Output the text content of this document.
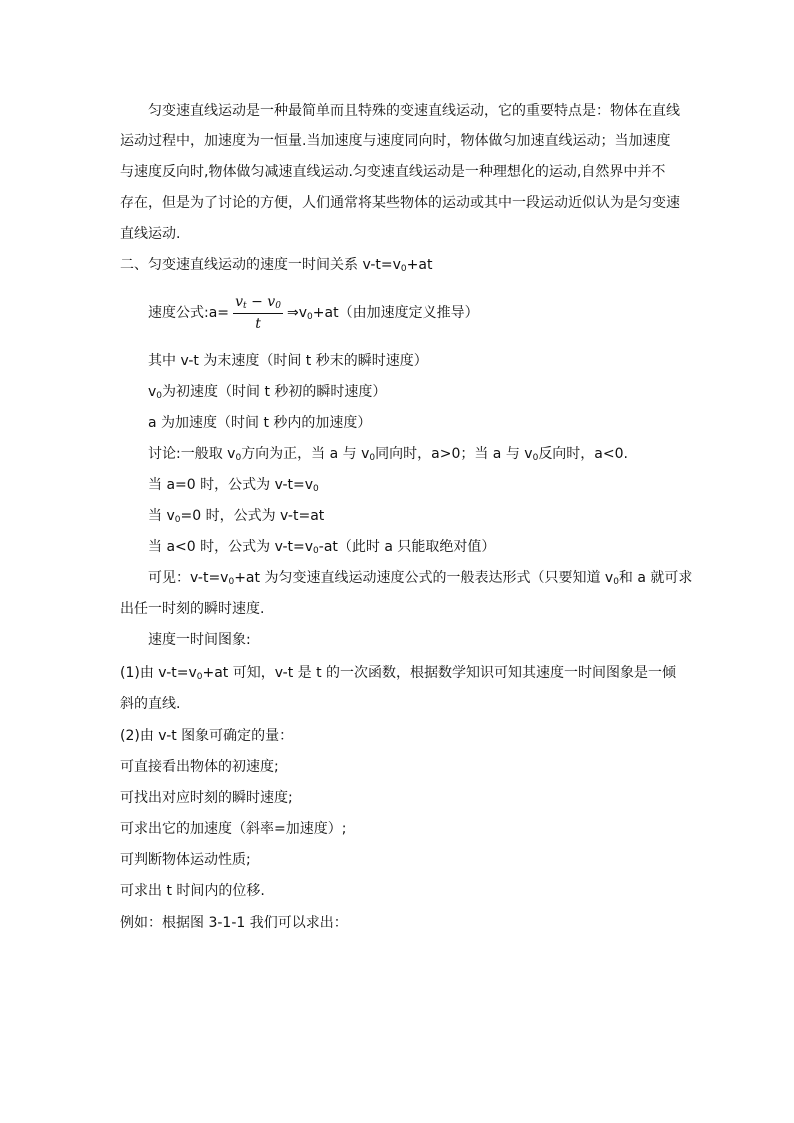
匀变速直线运动是一种最简单而且特殊的变速直线运动，它的重要特点是：物体在直线
运动过程中，加速度为一恒量.当加速度与速度同向时，物体做匀加速直线运动；当加速度
与速度反向时,物体做匀减速直线运动.匀变速直线运动是一种理想化的运动,自然界中并不
存在，但是为了讨论的方便，人们通常将某些物体的运动或其中一段运动近似认为是匀变速
直线运动.
二、匀变速直线运动的速度一时间关系 $v-t=v_0+at$
速度公式:a= $\frac{v_t - v_0}{t}$ $\Rightarrow v_0+at$（由加速度定义推导）
其中 v-t 为末速度（时间 t 秒末的瞬时速度）
$v_0$为初速度（时间 t 秒初的瞬时速度）
a 为加速度（时间 t 秒内的加速度）
讨论:一般取 $v_0$方向为正，当 a 与 $v_0$同向时，a>0；当 a 与 $v_0$反向时，a<0.
当 a=0 时，公式为 $v-t=v_0$
当 $v_0=0$ 时，公式为 v-t=at
当 a<0 时，公式为 $v-t=v_0-at$（此时 a 只能取绝对值）
可见：$v-t=v_0+at$ 为匀变速直线运动速度公式的一般表达形式（只要知道 $v_0$和 a 就可求
出任一时刻的瞬时速度.
速度一时间图象:
(1)由 $v-t=v_0+at$ 可知，v-t 是 t 的一次函数，根据数学知识可知其速度一时间图象是一倾
斜的直线.
(2)由 v-t 图象可确定的量：
可直接看出物体的初速度;
可找出对应时刻的瞬时速度;
可求出它的加速度（斜率=加速度）;
可判断物体运动性质;
可求出 t 时间内的位移.
例如：根据图 3-1-1 我们可以求出：
